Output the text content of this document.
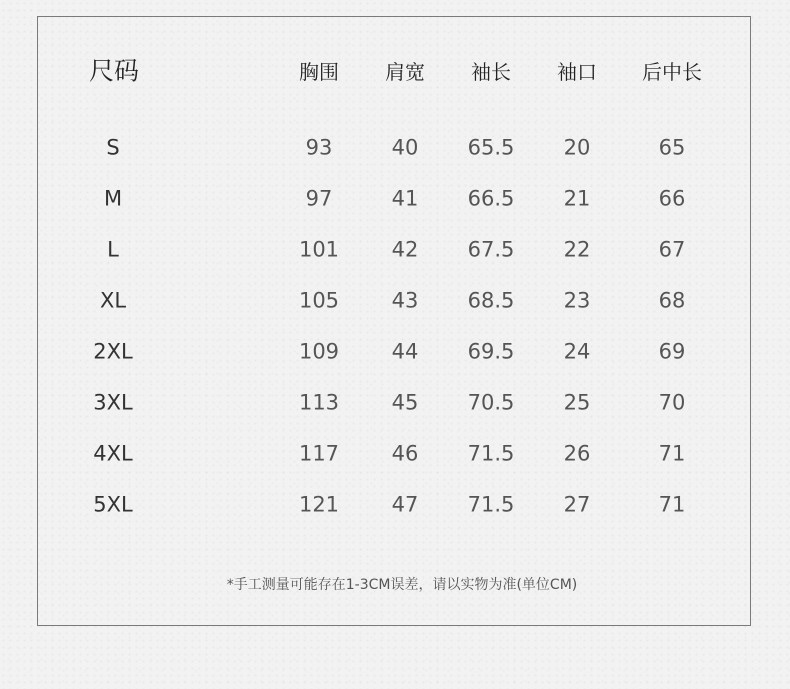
尺码	胸围 肩宽 袖长 袖口 后中长
S	93	40 65.5 20	65
M	97	41 66.5 21	66
L	101	42 67.5 22	67
XL	105	43 68.5 23	68
2XL	109	44 69.5 24	69
3XL	113	45 70.5 25	70
4XL	117	46 71.5 26	71
5XL	121	47 71.5 27	71
*手工测量可能存在1-3CM误差，请以实物为准(单位CM)
